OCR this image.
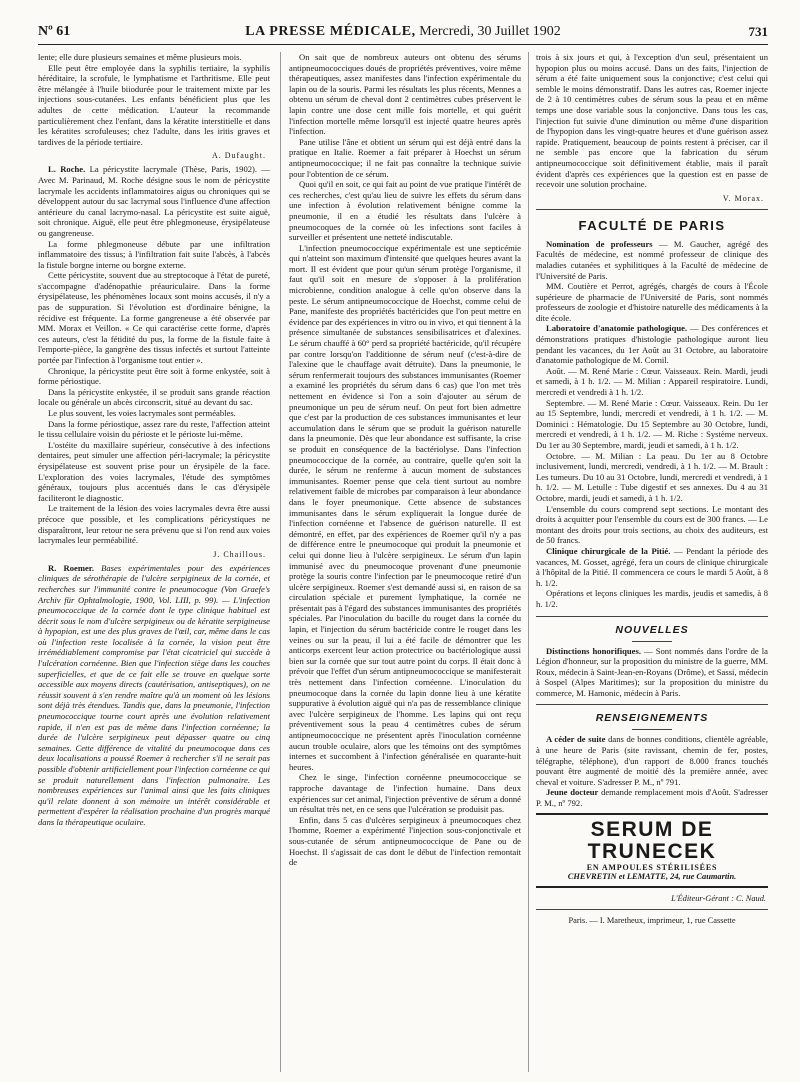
Nº 61	LA PRESSE MÉDICALE, Mercredi, 30 Juillet 1902	731

lente; elle dure plusieurs semaines et même plusieurs mois.

Elle peut être employée dans la syphilis tertiaire, la syphilis héréditaire, la scrofule, le lymphatisme et l'arthritisme. Elle peut être mélangée à l'huile biiodurée pour le traitement mixte par les injections sous-cutanées. Les enfants bénéficient plus que les adultes de cette médication. L'auteur la recommande particulièrement chez l'enfant, dans la kératite interstitielle et dans les kératites scrofuleuses; chez l'adulte, dans les iritis graves et tardives de la période tertiaire.

A. Dufaught.

L. Roche. La péricystite lacrymale (Thèse, Paris, 1902). — Avec M. Parinaud, M. Roche désigne sous le nom de péricystite lacrymale les accidents inflammatoires aigus ou chroniques qui se développent autour du sac lacrymal sous l'influence d'une affection antérieure du canal lacrymo-nasal. La péricystite est suite aiguë, soit chronique. Aiguë, elle peut être phlegmoneuse, érysipélateuse ou gangreneuse.

La forme phlegmoneuse débute par une infiltration inflammatoire des tissus; à l'infiltration fait suite l'abcès, à l'abcès la fistule borgne interne ou borgne externe.

Cette péricystite, souvent due au streptocoque à l'état de pureté, s'accompagne d'adénopathie préauriculaire. Dans la forme érysipélateuse, les phénomènes locaux sont moins accusés, il n'y a pas de suppuration. Si l'évolution est d'ordinaire bénigne, la récidive est fréquente. La forme gangreneuse a été observée par MM. Morax et Veillon. « Ce qui caractérise cette forme, d'après ces auteurs, c'est la fétidité du pus, la forme de la fistule faite à l'emporte-pièce, la gangrène des tissus infectés et surtout l'atteinte portée par l'infection à l'organisme tout entier ».

Chronique, la péricystite peut être soit à forme enkystée, soit à forme périostique.

Dans la péricystite enkystée, il se produit sans grande réaction locale ou générale un abcès circonscrit, situé au devant du sac.

Le plus souvent, les voies lacrymales sont perméables.

Dans la forme périostique, assez rare du reste, l'affection atteint le tissu cellulaire voisin du périoste et le périoste lui-même.

L'ostéite du maxillaire supérieur, consécutive à des infections dentaires, peut simuler une affection péri-lacrymale; la péricystite érysipélateuse est souvent prise pour un érysipèle de la face. L'exploration des voies lacrymales, l'étude des symptômes généraux, toujours plus accentués dans le cas d'érysipèle faciliteront le diagnostic.

Le traitement de la lésion des voies lacrymales devra être aussi précoce que possible, et les complications péricystiques ne disparaîtront, leur retour ne sera prévenu que si l'on rend aux voies lacrymales leur perméabilité.

J. Chaillous.

R. Roemer. Bases expérimentales pour des expériences cliniques de sérothérapie de l'ulcère serpigineux de la cornée, et recherches sur l'immunité contre le pneumocoque (Von Graefe's Archiv für Ophtalmologie, 1900, Vol. LIII, p. 99). — L'infection pneumococcique de la cornée dont le type clinique habituel est décrit sous le nom d'ulcère serpigineux ou de kératite serpigineuse à hypopion, est une des plus graves de l'œil, car, même dans le cas où l'infection reste localisée à la cornée, la vision peut être irrémédiablement compromise par l'état cicatriciel qui succède à l'ulcération cornéenne. Bien que l'infection siège dans les couches superficielles, et que de ce fait elle se trouve en quelque sorte accessible aux moyens directs (cautérisation, antiseptiques), on ne réussit souvent à s'en rendre maître qu'à un moment où les lésions sont déjà très étendues. Tandis que, dans la pneumonie, l'infection pneumococcique tourne court après une évolution relativement rapide, il n'en est pas de même dans l'infection cornéenne; la durée de l'ulcère serpigineux peut dépasser quatre ou cinq semaines. Cette différence de vitalité du pneumocoque dans ces deux localisations a poussé Roemer à rechercher s'il ne serait pas possible d'obtenir artificiellement pour l'infection cornéenne ce qui se produit naturellement dans l'infection pulmonaire. Les nombreuses expériences sur l'animal ainsi que les faits cliniques qu'il relate donnent à son mémoire un intérêt considérable et permettent d'espérer la réalisation prochaine d'un progrès marqué dans la thérapeutique oculaire.

On sait que de nombreux auteurs ont obtenu des sérums antipneumococciques doués de propriétés préventives, voire même thérapeutiques, assez manifestes dans l'infection expérimentale du lapin ou de la souris. Parmi les résultats les plus récents, Mennes a obtenu un sérum de cheval dont 2 centimètres cubes préservent le lapin contre une dose cent mille fois mortelle, et qui guérit l'infection mortelle même lorsqu'il est injecté quatre heures après l'infection.

Pane utilise l'âne et obtient un sérum qui est déjà entré dans la pratique en Italie. Roemer a fait préparer à Hoechst un sérum antipneumococcique; il ne fait pas connaître la technique suivie pour l'obtention de ce sérum.

Quoi qu'il en soit, ce qui fait au point de vue pratique l'intérêt de ces recherches, c'est qu'au lieu de suivre les effets du sérum dans une infection à évolution relativement bénigne comme la pneumonie, il en a étudié les résultats dans l'ulcère à pneumocoques de la cornée où les infections sont faciles à surveiller et présentent une netteté indiscutable.

L'infection pneumococcique expérimentale est une septicémie qui n'atteint son maximum d'intensité que quelques heures avant la mort. Il est évident que pour qu'un sérum protège l'organisme, il faut qu'il soit en mesure de s'opposer à la prolifération microbienne, condition analogue à celle qu'on observe dans la peste. Le sérum antipneumococcique de Hoechst, comme celui de Pane, manifeste des propriétés bactéricides que l'on peut mettre en évidence par des expériences in vitro ou in vivo, et qui tiennent à la présence simultanée de substances sensibilisatrices et d'alexines. Le sérum chauffé à 60° perd sa propriété bactéricide, qu'il récupère par contre lorsqu'on l'additionne de sérum neuf (c'est-à-dire de l'alexine que le chauffage avait détruite). Dans la pneumonie, le sérum renfermerait toujours des substances immunisantes (Roemer a examiné les propriétés du sérum dans 6 cas) que l'on met très nettement en évidence si l'on a soin d'ajouter au sérum de pneumonique un peu de sérum neuf. On peut fort bien admettre que c'est par la production de ces substances immunisantes et leur accumulation dans le sérum que se produit la guérison naturelle dans la pneumonie. Dès que leur abondance est suffisante, la crise se produit en conséquence de la bactériolyse. Dans l'infection pneumococcique de la cornée, au contraire, quelle qu'en soit la durée, le sérum ne renferme à aucun moment de substances immunisantes. Roemer pense que cela tient surtout au nombre relativement faible de microbes par comparaison à leur abondance dans le foyer pneumonique. Cette absence de substances immunisantes dans le sérum expliquerait la longue durée de l'infection cornéenne et l'absence de guérison naturelle. Il est démontré, en effet, par des expériences de Roemer qu'il n'y a pas de différence entre le pneumocoque qui produit la pneumonie et celui qui donne lieu à l'ulcère serpigineux. Le sérum d'un lapin immunisé avec du pneumocoque provenant d'une pneumonie protège la souris contre l'infection par le pneumocoque retiré d'un ulcère serpigineux. Roemer s'est demandé aussi si, en raison de sa circulation spéciale et purement lymphatique, la cornée ne présentait pas à l'égard des substances immunisantes des propriétés spéciales. Par l'inoculation du bacille du rouget dans la cornée du lapin, et l'injection du sérum bactéricide contre le rouget dans les veines ou sur la peau, il lui a été facile de démontrer que les anticorps exercent leur action protectrice ou bactériologique aussi bien sur la cornée que sur tout autre point du corps. Il était donc à prévoir que l'effet d'un sérum antipneumococcique se manifesterait très nettement dans l'infection cornéenne. L'inoculation du pneumocoque dans la cornée du lapin donne lieu à une kératite suppurative à évolution aiguë qui n'a pas de ressemblance clinique avec l'ulcère serpigineux de l'homme. Les lapins qui ont reçu préventivement sous la peau 4 centimètres cubes de sérum antipneumococcique ne présentent après l'inoculation cornéenne aucun trouble oculaire, alors que les témoins ont des symptômes internes et succombent à l'infection généralisée en quarante-huit heures.

Chez le singe, l'infection cornéenne pneumococcique se rapproche davantage de l'infection humaine. Dans deux expériences sur cet animal, l'injection préventive de sérum a donné un résultat très net, en ce sens que l'ulcération se produisit pas.

Enfin, dans 5 cas d'ulcères serpigineux à pneumocoques chez l'homme, Roemer a expérimenté l'injection sous-conjonctivale et sous-cutanée de sérum antipneumococcique de Pane ou de Hoechst. Il s'agissait de cas dont le début de l'infection remontait de

trois à six jours et qui, à l'exception d'un seul, présentaient un hypopion plus ou moins accusé. Dans un des faits, l'injection de sérum a été faite uniquement sous la conjonctive; c'est celui qui semble le moins démonstratif. Dans les autres cas, Roemer injecte de 2 à 10 centimètres cubes de sérum sous la peau et en même temps une dose variable sous la conjonctive. Dans tous les cas, l'injection fut suivie d'une diminution ou même d'une disparition de l'hypopion dans les vingt-quatre heures et d'une guérison assez rapide. Pratiquement, beaucoup de points restent à préciser, car il ne semble pas encore que la fabrication du sérum antipneumococcique soit définitivement établie, mais il paraît évident d'après ces expériences que la question est en passe de recevoir une solution prochaine.

V. Morax.
FACULTÉ DE PARIS

Nomination de professeurs — M. Gaucher, agrégé des Facultés de médecine, est nommé professeur de clinique des maladies cutanées et syphilitiques à la Faculté de médecine de l'Université de Paris.

MM. Coutière et Perrot, agrégés, chargés de cours à l'École supérieure de pharmacie de l'Université de Paris, sont nommés professeurs de zoologie et d'histoire naturelle des médicaments à la dite école.

Laboratoire d'anatomie pathologique. — Des conférences et démonstrations pratiques d'histologie pathologique auront lieu pendant les vacances, du 1er Août au 31 Octobre, au laboratoire d'anatomie pathologique de M. Cornil.

Août. — M. René Marie : Cœur. Vaisseaux. Rein. Mardi, jeudi et samedi, à 1 h. 1/2. — M. Milian : Appareil respiratoire. Lundi, mercredi et vendredi à 1 h. 1/2.

Septembre. — M. René Marie : Cœur. Vaisseaux. Rein. Du 1er au 15 Septembre, lundi, mercredi et vendredi, à 1 h. 1/2. — M. Dominici : Hématologie. Du 15 Septembre au 30 Octobre, lundi, mercredi et vendredi, à 1 h. 1/2. — M. Riche : Système nerveux. Du 1er au 30 Septembre, mardi, jeudi et samedi, à 1 h. 1/2.

Octobre. — M. Milian : La peau. Du 1er au 8 Octobre inclusivement, lundi, mercredi, vendredi, à 1 h. 1/2. — M. Brault : Les tumeurs. Du 10 au 31 Octobre, lundi, mercredi et vendredi, à 1 h. 1/2. — M. Letulle : Tube digestif et ses annexes. Du 4 au 31 Octobre, mardi, jeudi et samedi, à 1 h. 1/2.

L'ensemble du cours comprend sept sections. Le montant des droits à acquitter pour l'ensemble du cours est de 300 francs. — Le montant des droits pour trois sections, au choix des auditeurs, est de 50 francs.

Clinique chirurgicale de la Pitié. — Pendant la période des vacances, M. Gosset, agrégé, fera un cours de clinique chirurgicale à l'hôpital de la Pitié. Il commencera ce cours le mardi 5 Août, à 8 h. 1/2.

Opérations et leçons cliniques les mardis, jeudis et samedis, à 8 h. 1/2.

NOUVELLES

Distinctions honorifiques. — Sont nommés dans l'ordre de la Légion d'honneur, sur la proposition du ministre de la guerre, MM. Roux, médecin à Saint-Jean-en-Royans (Drôme), et Sassi, médecin à Sospel (Alpes Maritimes); sur la proposition du ministre du commerce, M. Hamonic, médecin à Paris.

RENSEIGNEMENTS

A céder de suite dans de bonnes conditions, clientèle agréable, à une heure de Paris (site ravissant, chemin de fer, postes, télégraphe, téléphone), d'un rapport de 8.000 francs touchés pouvant être augmenté de moitié dès la première année, avec cheval et voiture. S'adresser P. M., nº 791.

Jeune docteur demande remplacement mois d'Août. S'adresser P. M., nº 792.

SERUM DE TRUNECEK
EN AMPOULES STÉRILISÉES
CHEVRETIN et LEMATTE, 24, rue Caumartin.
L'Éditeur-Gérant : C. Naud.
Paris. — I. Maretheux, imprimeur, 1, rue Cassette
